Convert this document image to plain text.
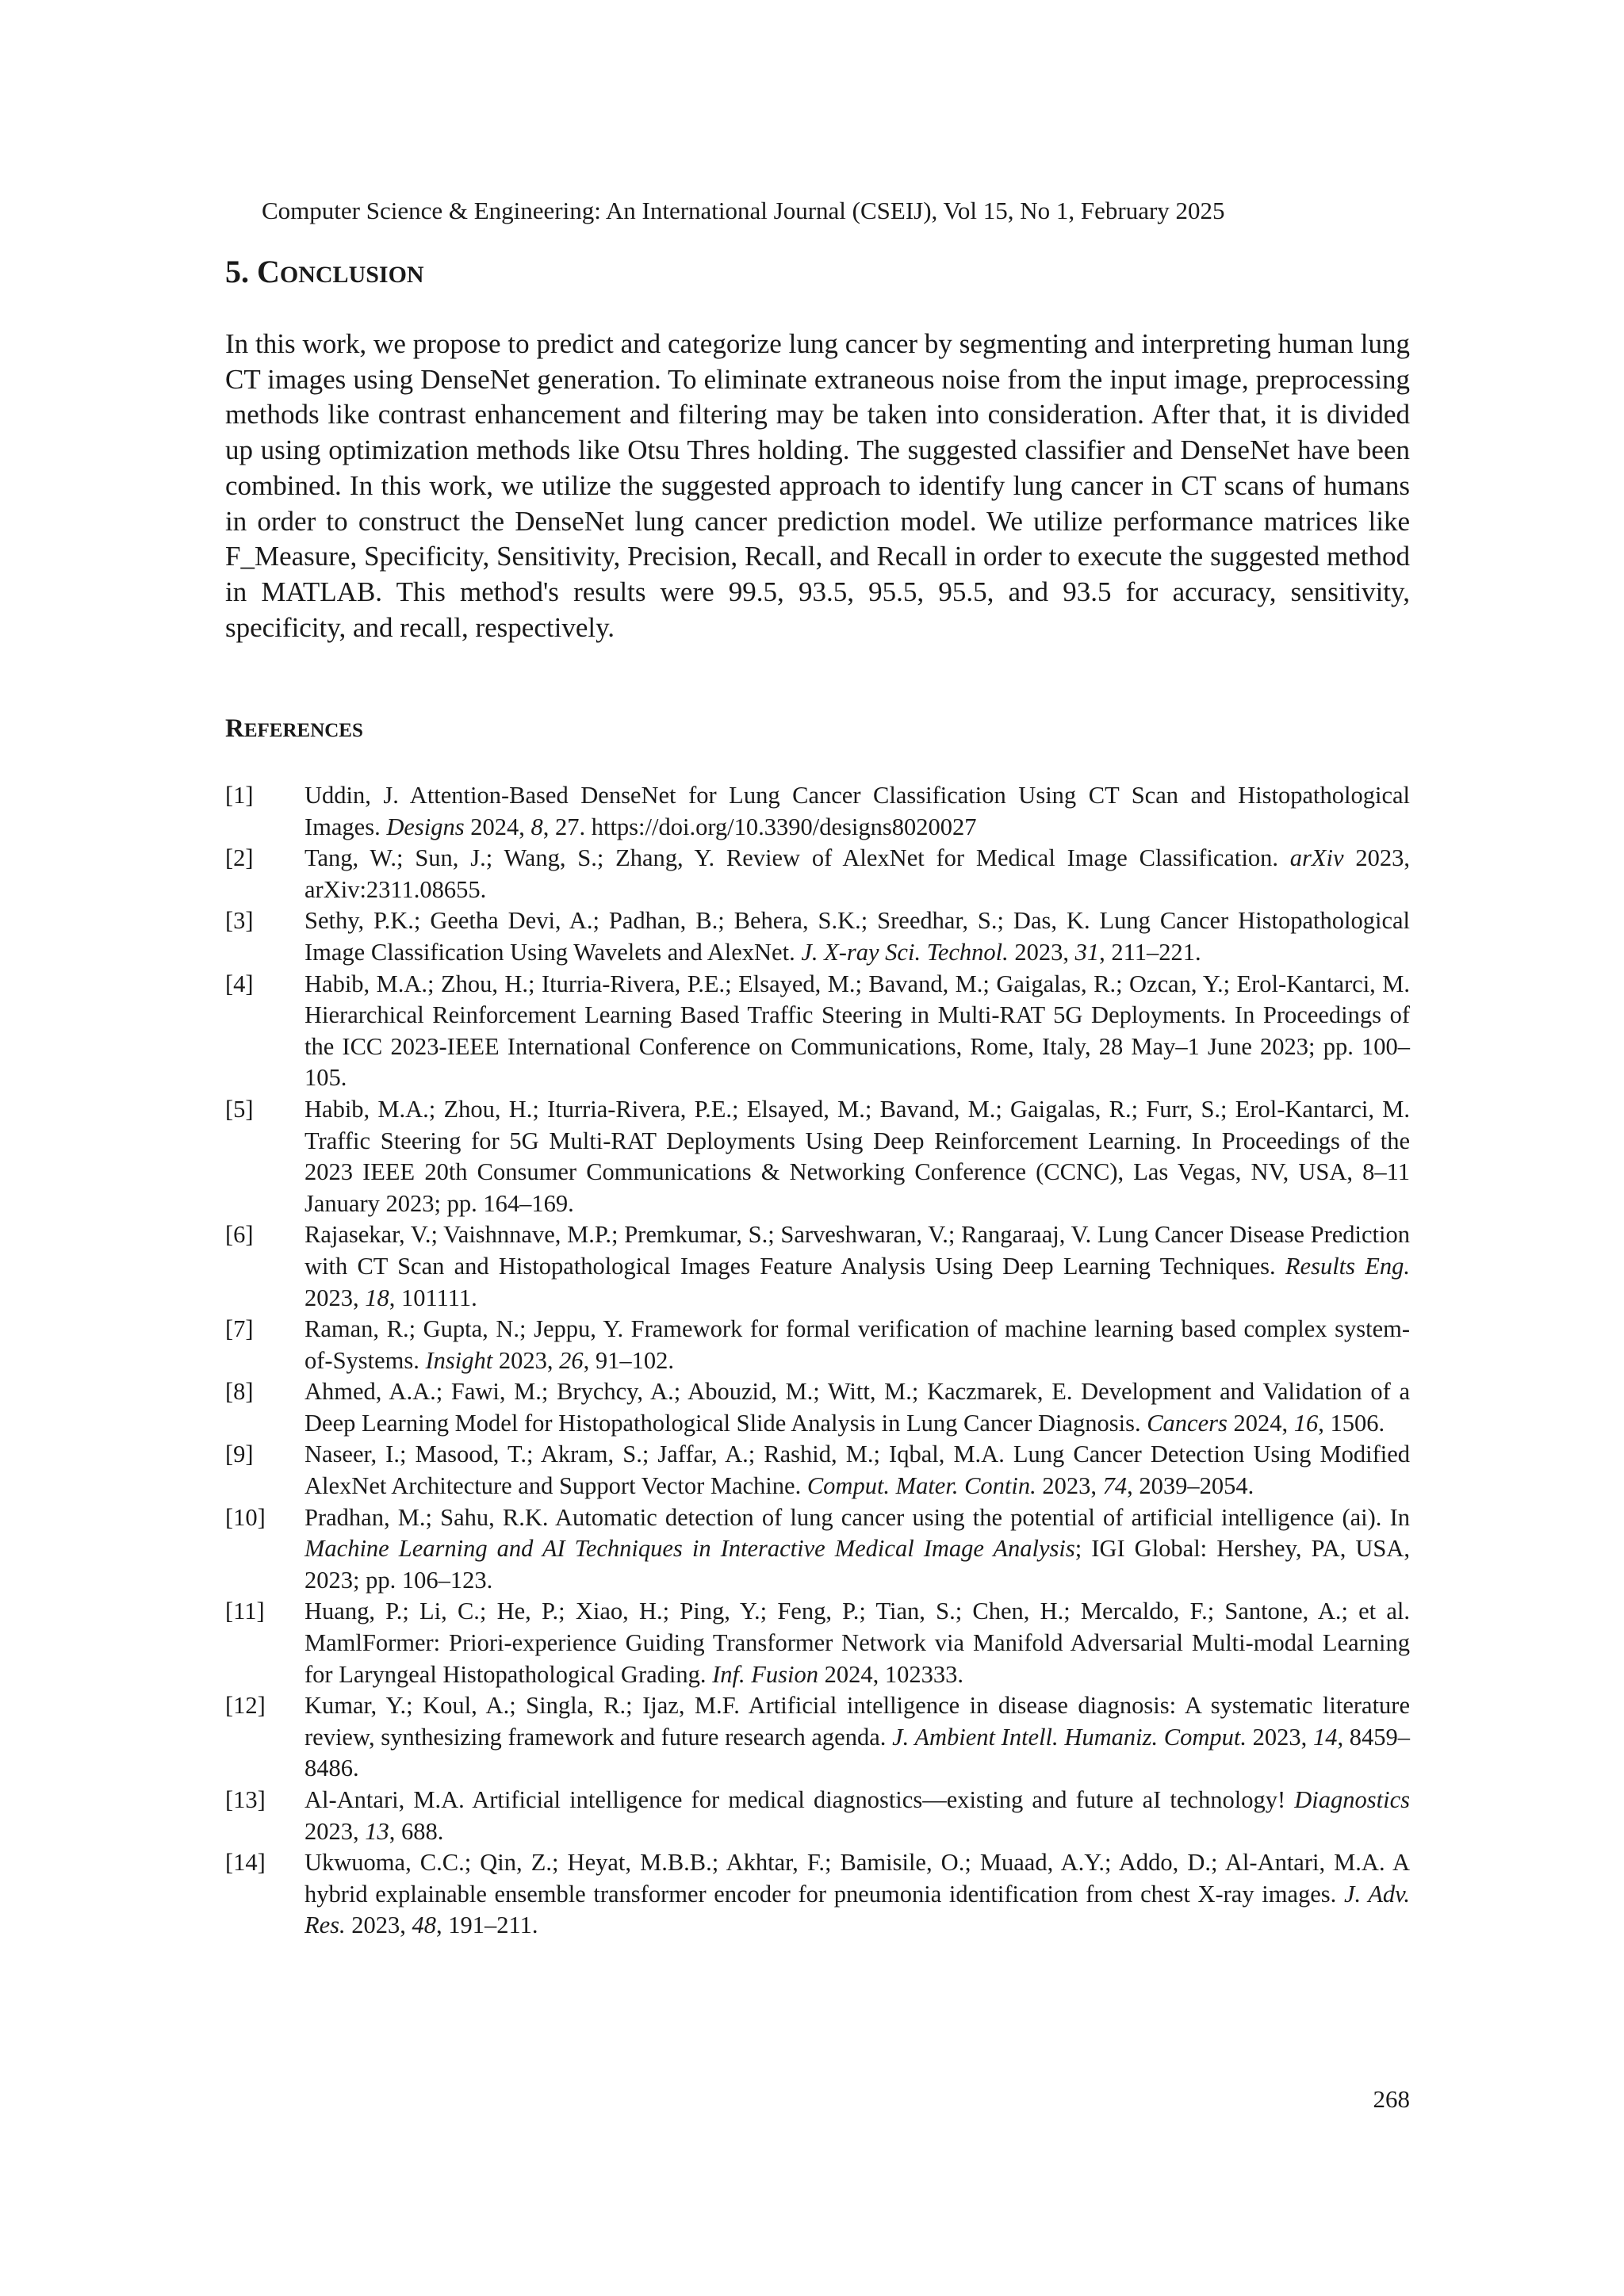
Computer Science & Engineering: An International Journal (CSEIJ), Vol 15, No 1, February 2025
5. CONCLUSION

In this work, we propose to predict and categorize lung cancer by segmenting and interpreting human lung CT images using DenseNet generation. To eliminate extraneous noise from the input image, preprocessing methods like contrast enhancement and filtering may be taken into consideration. After that, it is divided up using optimization methods like Otsu Thres holding. The suggested classifier and DenseNet have been combined. In this work, we utilize the suggested approach to identify lung cancer in CT scans of humans in order to construct the DenseNet lung cancer prediction model. We utilize performance matrices like F_Measure, Specificity, Sensitivity, Precision, Recall, and Recall in order to execute the suggested method in MATLAB. This method's results were 99.5, 93.5, 95.5, 95.5, and 93.5 for accuracy, sensitivity, specificity, and recall, respectively.

REFERENCES
[1]	Uddin, J. Attention-Based DenseNet for Lung Cancer Classification Using CT Scan and Histopathological Images. Designs 2024, 8, 27. https://doi.org/10.3390/designs8020027
[2]	Tang, W.; Sun, J.; Wang, S.; Zhang, Y. Review of AlexNet for Medical Image Classification. arXiv 2023, arXiv:2311.08655.
[3]	Sethy, P.K.; Geetha Devi, A.; Padhan, B.; Behera, S.K.; Sreedhar, S.; Das, K. Lung Cancer Histopathological Image Classification Using Wavelets and AlexNet. J. X-ray Sci. Technol. 2023, 31, 211–221.
[4]	Habib, M.A.; Zhou, H.; Iturria-Rivera, P.E.; Elsayed, M.; Bavand, M.; Gaigalas, R.; Ozcan, Y.; Erol-Kantarci, M. Hierarchical Reinforcement Learning Based Traffic Steering in Multi-RAT 5G Deployments. In Proceedings of the ICC 2023-IEEE International Conference on Communications, Rome, Italy, 28 May–1 June 2023; pp. 100–105.
[5]	Habib, M.A.; Zhou, H.; Iturria-Rivera, P.E.; Elsayed, M.; Bavand, M.; Gaigalas, R.; Furr, S.; Erol-Kantarci, M. Traffic Steering for 5G Multi-RAT Deployments Using Deep Reinforcement Learning. In Proceedings of the 2023 IEEE 20th Consumer Communications & Networking Conference (CCNC), Las Vegas, NV, USA, 8–11 January 2023; pp. 164–169.
[6]	Rajasekar, V.; Vaishnnave, M.P.; Premkumar, S.; Sarveshwaran, V.; Rangaraaj, V. Lung Cancer Disease Prediction with CT Scan and Histopathological Images Feature Analysis Using Deep Learning Techniques. Results Eng. 2023, 18, 101111.
[7]	Raman, R.; Gupta, N.; Jeppu, Y. Framework for formal verification of machine learning based complex system-of-Systems. Insight 2023, 26, 91–102.
[8]	Ahmed, A.A.; Fawi, M.; Brychcy, A.; Abouzid, M.; Witt, M.; Kaczmarek, E. Development and Validation of a Deep Learning Model for Histopathological Slide Analysis in Lung Cancer Diagnosis. Cancers 2024, 16, 1506.
[9]	Naseer, I.; Masood, T.; Akram, S.; Jaffar, A.; Rashid, M.; Iqbal, M.A. Lung Cancer Detection Using Modified AlexNet Architecture and Support Vector Machine. Comput. Mater. Contin. 2023, 74, 2039–2054.
[10]	Pradhan, M.; Sahu, R.K. Automatic detection of lung cancer using the potential of artificial intelligence (ai). In Machine Learning and AI Techniques in Interactive Medical Image Analysis; IGI Global: Hershey, PA, USA, 2023; pp. 106–123.
[11]	Huang, P.; Li, C.; He, P.; Xiao, H.; Ping, Y.; Feng, P.; Tian, S.; Chen, H.; Mercaldo, F.; Santone, A.; et al. MamlFormer: Priori-experience Guiding Transformer Network via Manifold Adversarial Multi-modal Learning for Laryngeal Histopathological Grading. Inf. Fusion 2024, 102333.
[12]	Kumar, Y.; Koul, A.; Singla, R.; Ijaz, M.F. Artificial intelligence in disease diagnosis: A systematic literature review, synthesizing framework and future research agenda. J. Ambient Intell. Humaniz. Comput. 2023, 14, 8459–8486.
[13]	Al-Antari, M.A. Artificial intelligence for medical diagnostics—existing and future aI technology! Diagnostics 2023, 13, 688.
[14]	Ukwuoma, C.C.; Qin, Z.; Heyat, M.B.B.; Akhtar, F.; Bamisile, O.; Muaad, A.Y.; Addo, D.; Al-Antari, M.A. A hybrid explainable ensemble transformer encoder for pneumonia identification from chest X-ray images. J. Adv. Res. 2023, 48, 191–211.
268
